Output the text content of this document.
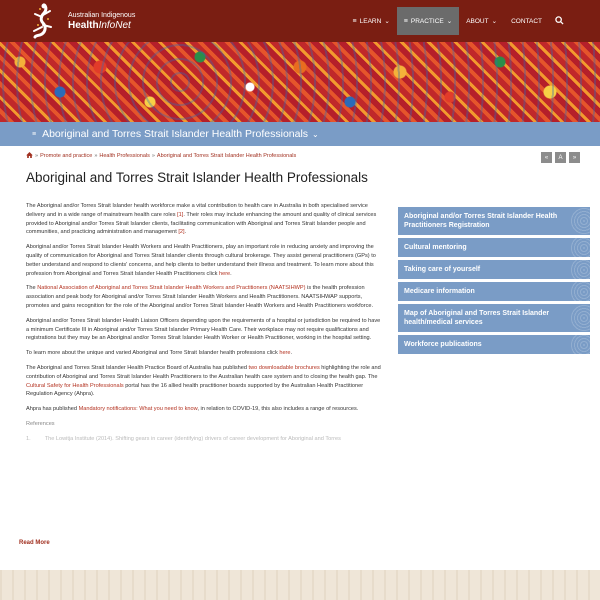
Australian Indigenous
HealthInfoNet	≡ LEARN ⌄ ≡ PRACTICE ⌄ ABOUT ⌄ CONTACT
≡ Aboriginal and Torres Strait Islander Health Professionals ⌄
» Promote and practice » Health Professionals » Aboriginal and Torres Strait Islander Health Professionals	«	A	»
Aboriginal and Torres Strait Islander Health Professionals

The Aboriginal and/or Torres Strait Islander health workforce make a vital contribution to health care in Australia in both specialised service delivery and in a wide range of mainstream health care roles [1]. Their roles may include enhancing the amount and quality of clinical services provided to Aboriginal and/or Torres Strait Islander clients, facilitating communication with Aboriginal and Torres Strait Islander people and communities, and practicing administration and management [2].

Aboriginal and/or Torres Strait Islander Health Workers and Health Practitioners, play an important role in reducing anxiety and improving the quality of communication for Aboriginal and Torres Strait Islander clients through cultural brokerage. They assist general practitioners (GPs) to better understand and respond to clients' concerns, and help clients to better understand their illness and treatment. To learn more about this profession from Aboriginal and Torres Strait Islander Health Practitioners click here.

The National Association of Aboriginal and Torres Strait Islander Health Workers and Practitioners (NAATSIHWP) is the health profession association and peak body for Aboriginal and/or Torres Strait Islander Health Workers and Health Practitioners. NAATSIHWAP supports, promotes and gains recognition for the role of the Aboriginal and/or Torres Strait Islander Health Workers and Health Practitioners workforce.

Aboriginal and/or Torres Strait Islander Health Liaison Officers depending upon the requirements of a hospital or jurisdiction be required to have a minimum Certificate III in Aboriginal and/or Torres Strait Islander Primary Health Care. Their workplace may not require qualifications and registrations but they may be an Aboriginal and/or Torres Strait Islander Health Worker or Health Practitioner, working in the hospital setting.

To learn more about the unique and varied Aboriginal and Torre Strait Islander health professions click here.

The Aboriginal and Torres Strait Islander Health Practice Board of Australia has published two downloadable brochures highlighting the role and contribution of Aboriginal and Torres Strait Islander Health Practitioners to the Australian health care system and to closing the health gap. The Cultural Safety for Health Professionals portal has the 16 allied health practitioner boards supported by the Australian Health Practitioner Regulation Agency (Ahpra).

Ahpra has published Mandatory notifications: What you need to know, in relation to COVID-19, this also includes a range of resources.

References
1.	The Lowitja Institute (2014). Shifting gears in career (identifying) drivers of career development for Aboriginal and Torres
Read More
Aboriginal and/or Torres Strait Islander Health Practitioners Registration
Cultural mentoring
Taking care of yourself
Medicare information
Map of Aboriginal and Torres Strait Islander health/medical services
Workforce publications
